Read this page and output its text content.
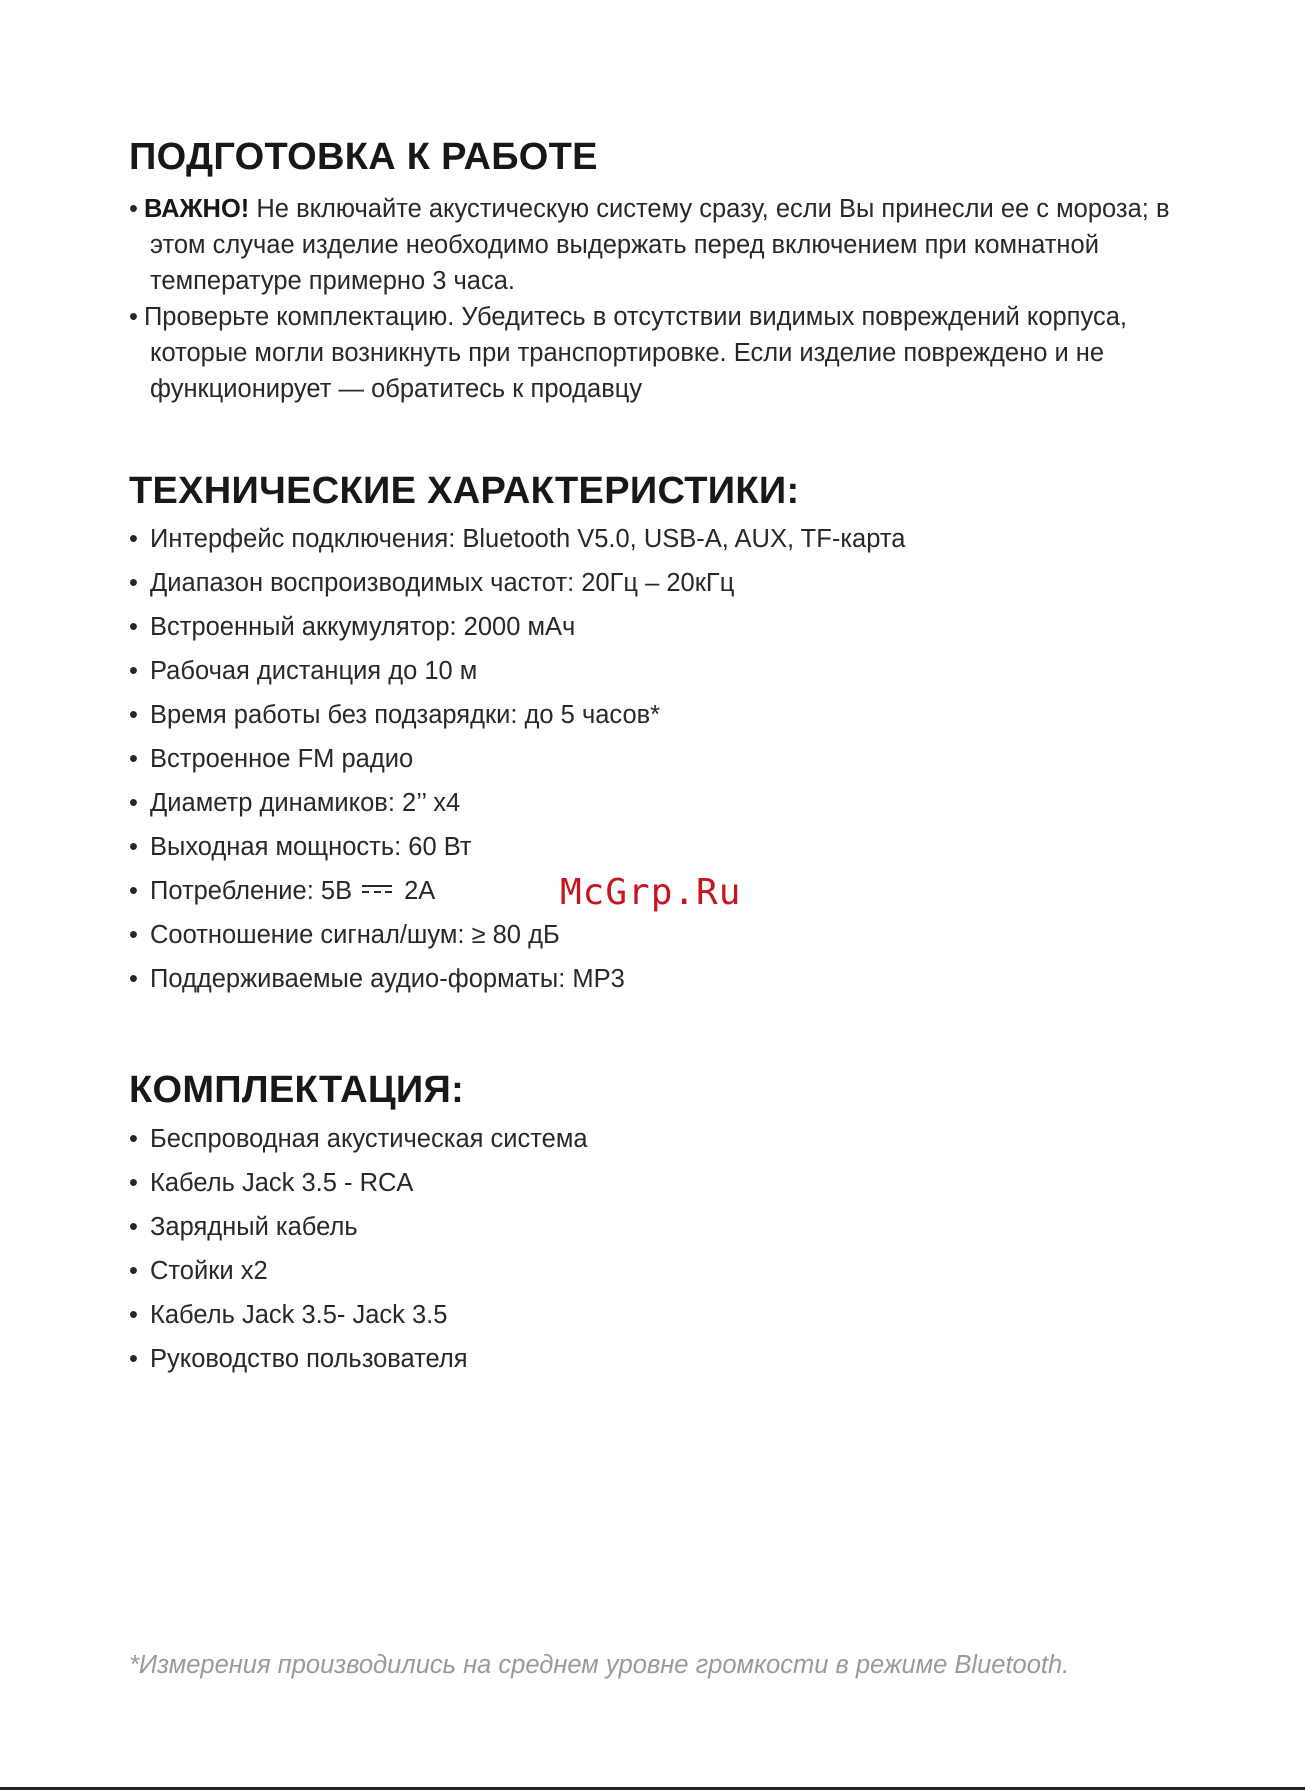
ПОДГОТОВКА К РАБОТЕ

• ВАЖНО! Не включайте акустическую систему сразу, если Вы принесли ее с мороза; в этом случае изделие необходимо выдержать перед включением при комнатной температуре примерно 3 часа.

• Проверьте комплектацию. Убедитесь в отсутствии видимых повреждений корпуса, которые могли возникнуть при транспортировке. Если изделие повреждено и не функционирует — обратитесь к продавцу

ТЕХНИЧЕСКИЕ ХАРАКТЕРИСТИКИ:

• Интерфейс подключения: Bluetooth V5.0, USB-A, AUX, TF-карта

• Диапазон воспроизводимых частот: 20Гц – 20кГц

• Встроенный аккумулятор: 2000 мАч

• Рабочая дистанция до 10 м

• Время работы без подзарядки: до 5 часов*

• Встроенное FM радио

• Диаметр динамиков: 2’’ x4

• Выходная мощность: 60 Вт

• Потребление: 5В 2А

• Соотношение сигнал/шум: ≥ 80 дБ

• Поддерживаемые аудио-форматы: MP3

КОМПЛЕКТАЦИЯ:

• Беспроводная акустическая система

• Кабель Jack 3.5 - RCA

• Зарядный кабель

• Стойки x2

• Кабель Jack 3.5- Jack 3.5

• Руководство пользователя

McGrp.Ru
*Измерения производились на среднем уровне громкости в режиме Bluetooth.
